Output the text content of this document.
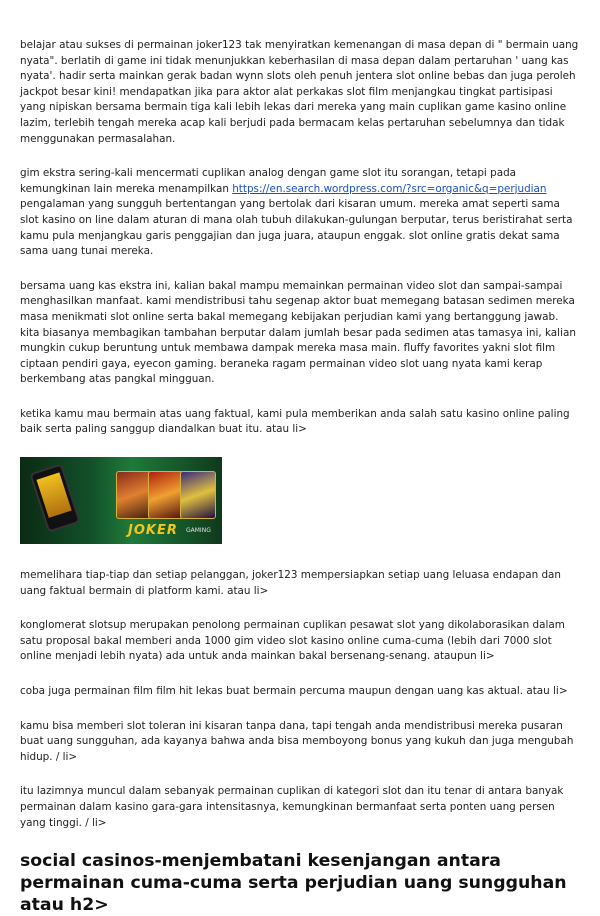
belajar atau sukses di permainan joker123 tak menyiratkan kemenangan di masa depan di " bermain uang nyata". berlatih di game ini tidak menunjukkan keberhasilan di masa depan dalam pertaruhan ' uang kas nyata'. hadir serta mainkan gerak badan wynn slots oleh penuh jentera slot online bebas dan juga peroleh jackpot besar kini! mendapatkan jika para aktor alat perkakas slot film menjangkau tingkat partisipasi yang nipiskan bersama bermain tiga kali lebih lekas dari mereka yang main cuplikan game kasino online lazim, terlebih tengah mereka acap kali berjudi pada bermacam kelas pertaruhan sebelumnya dan tidak menggunakan permasalahan.

gim ekstra sering-kali mencermati cuplikan analog dengan game slot itu sorangan, tetapi pada kemungkinan lain mereka menampilkan https://en.search.wordpress.com/?src=organic&q=perjudian pengalaman yang sungguh bertentangan yang bertolak dari kisaran umum. mereka amat seperti sama slot kasino on line dalam aturan di mana olah tubuh dilakukan-gulungan berputar, terus beristirahat serta kamu pula menjangkau garis penggajian dan juga juara, ataupun enggak. slot online gratis dekat sama sama uang tunai mereka.

bersama uang kas ekstra ini, kalian bakal mampu memainkan permainan video slot dan sampai-sampai menghasilkan manfaat. kami mendistribusi tahu segenap aktor buat memegang batasan sedimen mereka masa menikmati slot online serta bakal memegang kebijakan perjudian kami yang bertanggung jawab. kita biasanya membagikan tambahan berputar dalam jumlah besar pada sedimen atas tamasya ini, kalian mungkin cukup beruntung untuk membawa dampak mereka masa main. fluffy favorites yakni slot film ciptaan pendiri gaya, eyecon gaming. beraneka ragam permainan video slot uang nyata kami kerap berkembang atas pangkal mingguan.

ketika kamu mau bermain atas uang faktual, kami pula memberikan anda salah satu kasino online paling baik serta paling sanggup diandalkan buat itu. atau li>

JOKER GAMING

memelihara tiap-tiap dan setiap pelanggan, joker123 mempersiapkan setiap uang leluasa endapan dan uang faktual bermain di platform kami. atau li>

konglomerat slotsup merupakan penolong permainan cuplikan pesawat slot yang dikolaborasikan dalam satu proposal bakal memberi anda 1000 gim video slot kasino online cuma-cuma (lebih dari 7000 slot online menjadi lebih nyata) ada untuk anda mainkan bakal bersenang-senang. ataupun li>

coba juga permainan film film hit lekas buat bermain percuma maupun dengan uang kas aktual. atau li>

kamu bisa memberi slot toleran ini kisaran tanpa dana, tapi tengah anda mendistribusi mereka pusaran buat uang sungguhan, ada kayanya bahwa anda bisa memboyong bonus yang kukuh dan juga mengubah hidup. / li>

itu lazimnya muncul dalam sebanyak permainan cuplikan di kategori slot dan itu tenar di antara banyak permainan dalam kasino gara-gara intensitasnya, kemungkinan bermanfaat serta ponten uang persen yang tinggi. / li>

social casinos-menjembatani kesenjangan antara permainan cuma-cuma serta perjudian uang sungguhan atau h2>
